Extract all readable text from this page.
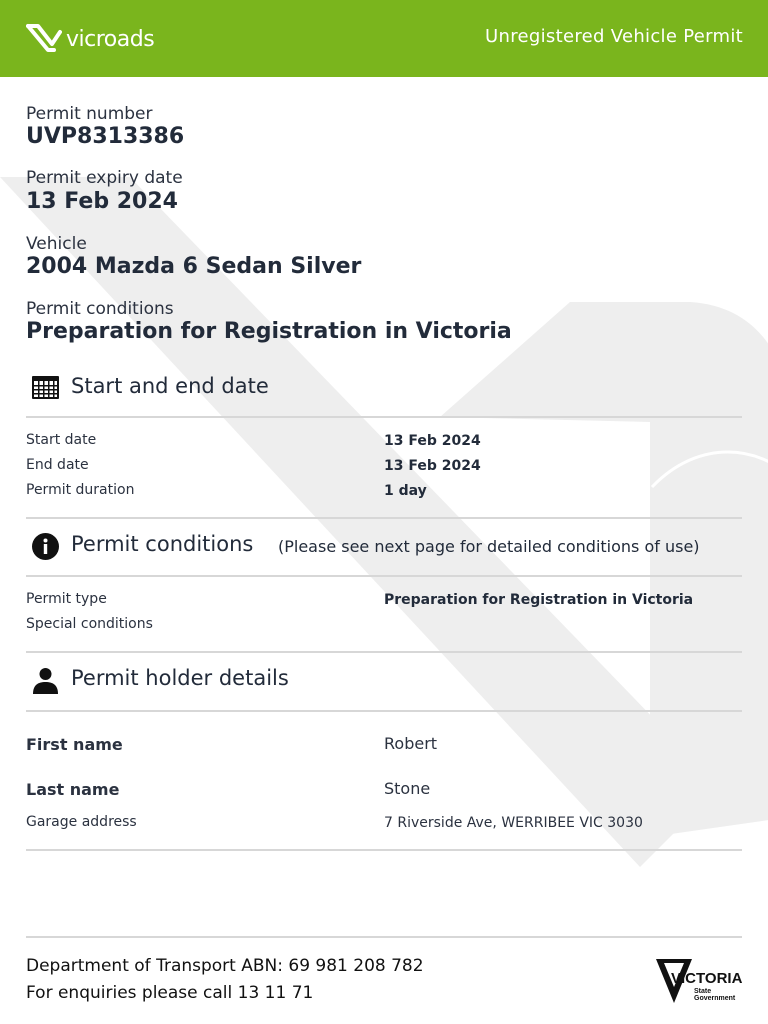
vicroads	Unregistered Vehicle Permit
Permit number
UVP8313386
Permit expiry date
13 Feb 2024
Vehicle
2004 Mazda 6 Sedan Silver
Permit conditions
Preparation for Registration in Victoria
Start and end date
Start date	13 Feb 2024
End date	13 Feb 2024
Permit duration	1 day
Permit conditions (Please see next page for detailed conditions of use)
Permit type	Preparation for Registration in Victoria
Special conditions
Permit holder details
First name	Robert
Last name	Stone
Garage address	7 Riverside Ave, WERRIBEE VIC 3030
Department of Transport ABN: 69 981 208 782
For enquiries please call 13 11 71
VICTORIA
State
Government
